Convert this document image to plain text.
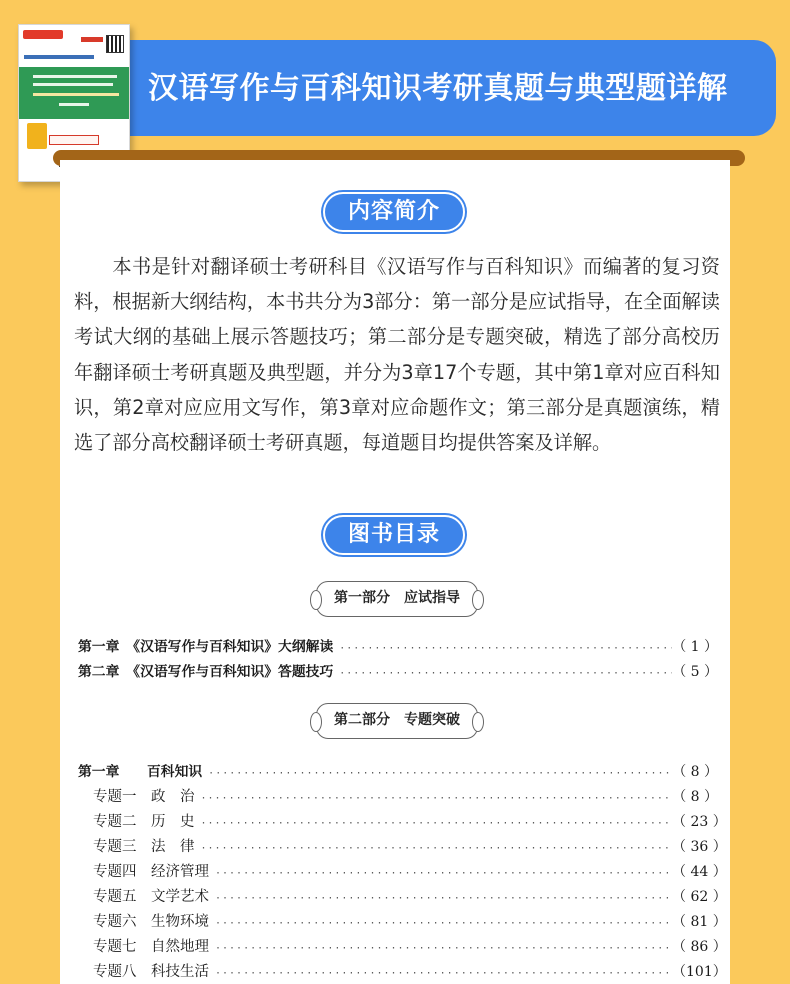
汉语写作与百科知识考研真题与典型题详解
内容简介

本书是针对翻译硕士考研科目《汉语写作与百科知识》而编著的复习资料，根据新大纲结构，本书共分为3部分：第一部分是应试指导，在全面解读考试大纲的基础上展示答题技巧；第二部分是专题突破，精选了部分高校历年翻译硕士考研真题及典型题，并分为3章17个专题，其中第1章对应百科知识，第2章对应应用文写作，第3章对应命题作文；第三部分是真题演练，精选了部分高校翻译硕士考研真题，每道题目均提供答案及详解。

图书目录
第一部分　应试指导
第一章　《汉语写作与百科知识》大纲解读 ·····	（ 1 ）
第二章　《汉语写作与百科知识》答题技巧 ·····	（ 5 ）
第二部分　专题突破
第一章　　百科知识 ·····	（ 8 ）
专题一　政　治 ·····	（ 8 ）
专题二　历　史 ·····	（ 23 ）
专题三　法　律 ·····	（ 36 ）
专题四　经济管理 ·····	（ 44 ）
专题五　文学艺术 ·····	（ 62 ）
专题六　生物环境 ·····	（ 81 ）
专题七　自然地理 ·····	（ 86 ）
专题八　科技生活 ·····	（101）
